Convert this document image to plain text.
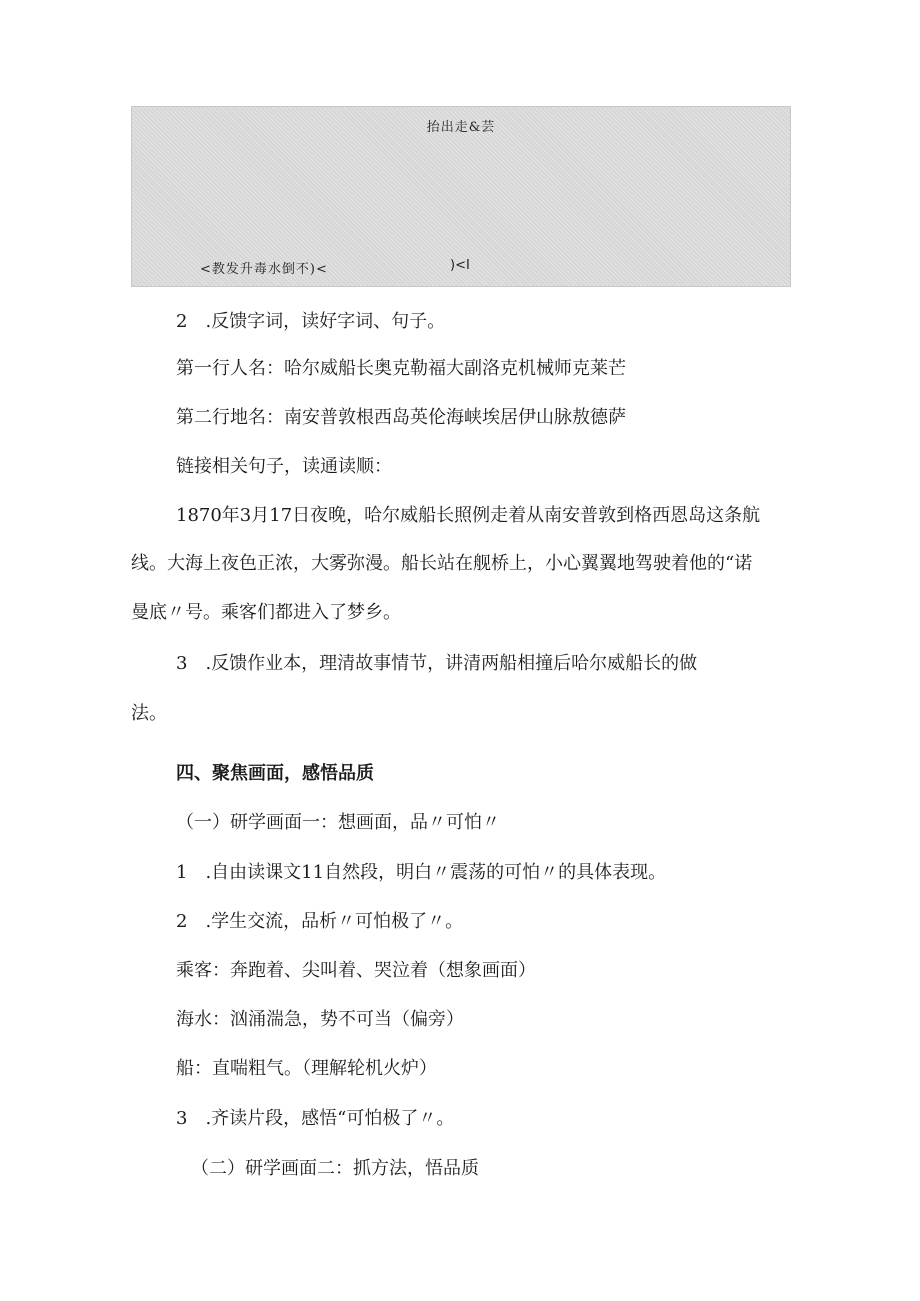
抬出走&芸
<教发升毒水倒不)<	)<I
2　.反馈字词，读好字词、句子。
第一行人名：哈尔威船长奥克勒福大副洛克机械师克莱芒
第二行地名：南安普敦根西岛英伦海峡埃居伊山脉敖德萨
链接相关句子，读通读顺：
1870年3月17日夜晚，哈尔威船长照例走着从南安普敦到格西恩岛这条航
线。大海上夜色正浓，大雾弥漫。船长站在舰桥上，小心翼翼地驾驶着他的“诺
曼底〃号。乘客们都进入了梦乡。
3　.反馈作业本，理清故事情节，讲清两船相撞后哈尔威船长的做
法。
四、聚焦画面，感悟品质
（一）研学画面一：想画面，品〃可怕〃
1　.自由读课文11自然段，明白〃震荡的可怕〃的具体表现。
2　.学生交流，品析〃可怕极了〃。
乘客：奔跑着、尖叫着、哭泣着（想象画面）
海水：汹涌湍急，势不可当（偏旁）
船：直喘粗气。（理解轮机火炉）
3　.齐读片段，感悟“可怕极了〃。
（二）研学画面二：抓方法，悟品质
